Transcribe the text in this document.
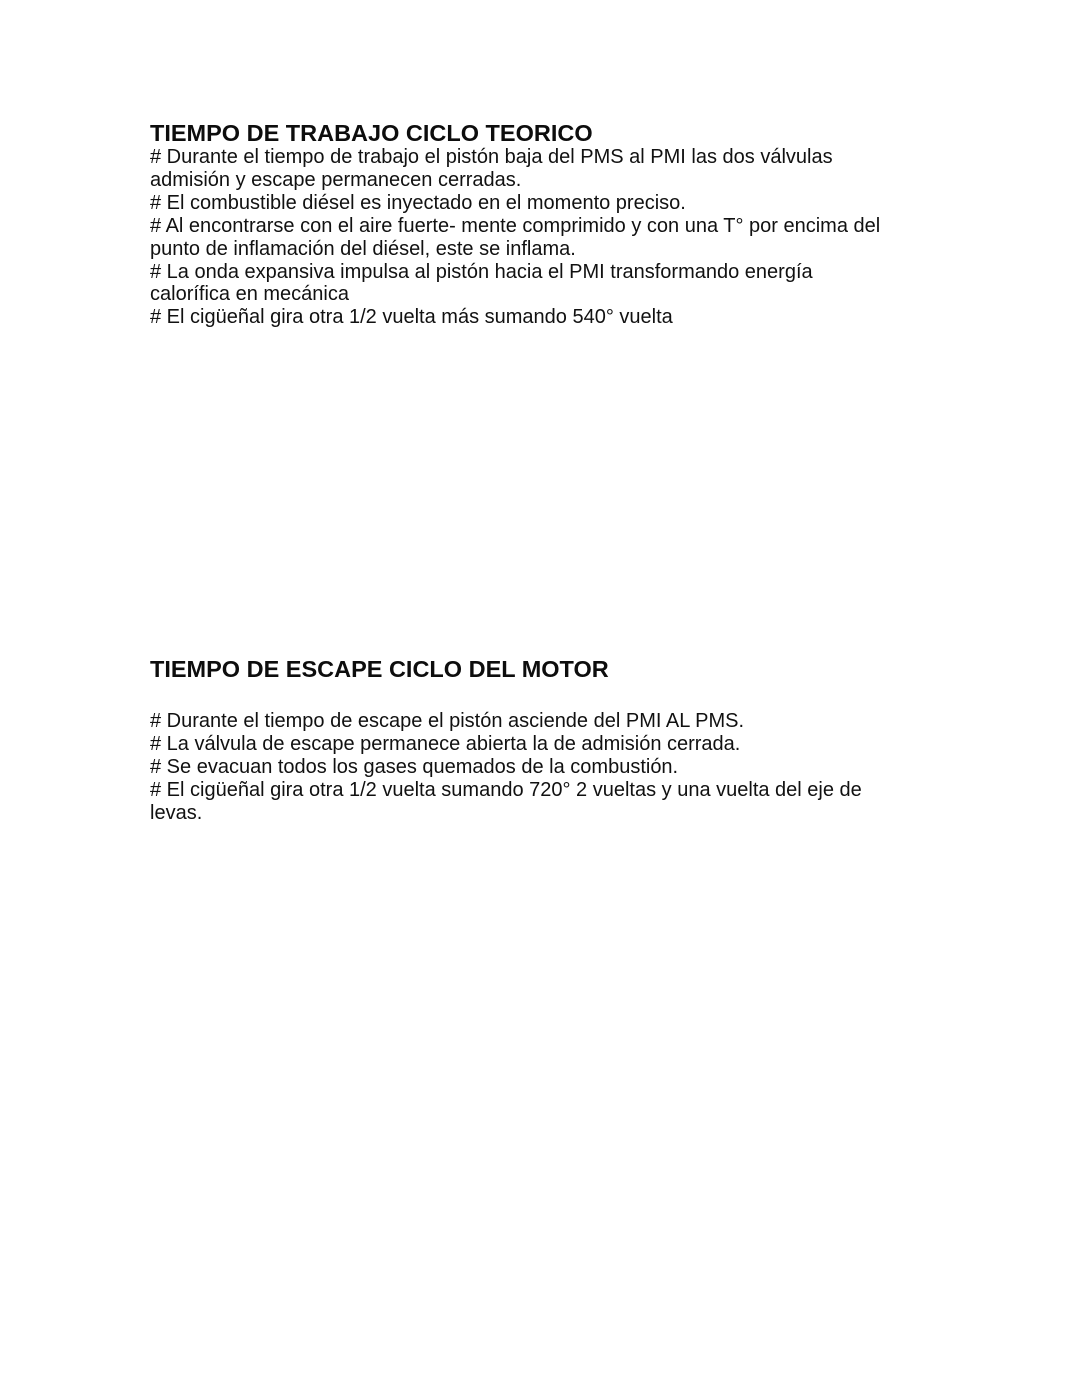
TIEMPO DE TRABAJO CICLO TEORICO
# Durante el tiempo de trabajo el pistón baja del PMS al PMI las dos válvulas
admisión y escape permanecen cerradas.
# El combustible diésel es inyectado en el momento preciso.
# Al encontrarse con el aire fuerte- mente comprimido y con una T° por encima del
punto de inflamación del diésel, este se inflama.
# La onda expansiva impulsa al pistón hacia el PMI transformando energía
calorífica en mecánica
# El cigüeñal gira otra 1/2 vuelta más sumando 540° vuelta
TIEMPO DE ESCAPE CICLO DEL MOTOR
# Durante el tiempo de escape el pistón asciende del PMI AL PMS.
# La válvula de escape permanece abierta la de admisión cerrada.
# Se evacuan todos los gases quemados de la combustión.
# El cigüeñal gira otra 1/2 vuelta sumando 720° 2 vueltas y una vuelta del eje de
levas.
